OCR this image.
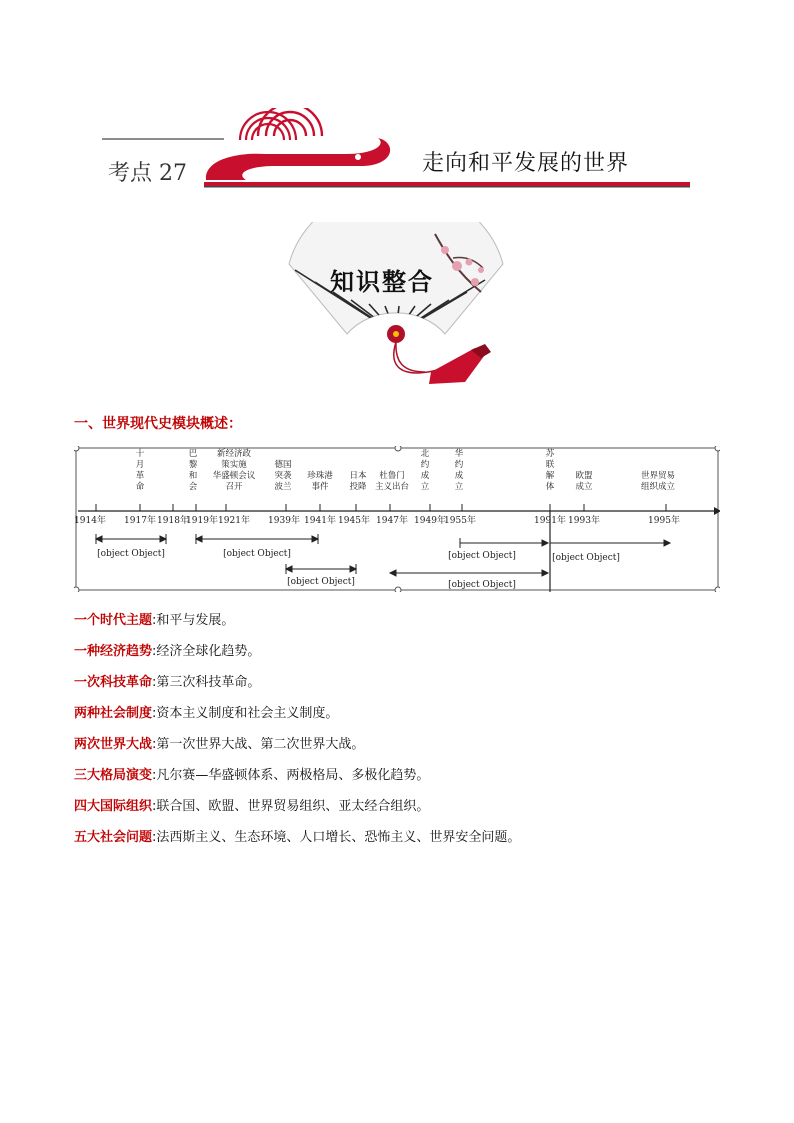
考点 27	走向和平发展的世界
知识整合
一、世界现代史模块概述：
1914年 1917年 1918年
1919年 1921年 1939年 1941年 1945年 1947年 1949年
1955年	1991年 1993年	1995年
十月革命
巴黎和会
新经济政策实施华盛顿会议召开
德国突袭波兰
珍珠港事件
日本投降
杜鲁门主义出台
北约成立
华约成立
苏联解体
欧盟成立
世界贸易组织成立
[object Object]	[object Object]	[object Object]	[object Object]
[object Object]	[object Object]
一个时代主题:和平与发展。
一种经济趋势:经济全球化趋势。
一次科技革命:第三次科技革命。
两种社会制度:资本主义制度和社会主义制度。
两次世界大战:第一次世界大战、第二次世界大战。
三大格局演变:凡尔赛—华盛顿体系、两极格局、多极化趋势。
四大国际组织:联合国、欧盟、世界贸易组织、亚太经合组织。
五大社会问题:法西斯主义、生态环境、人口增长、恐怖主义、世界安全问题。
